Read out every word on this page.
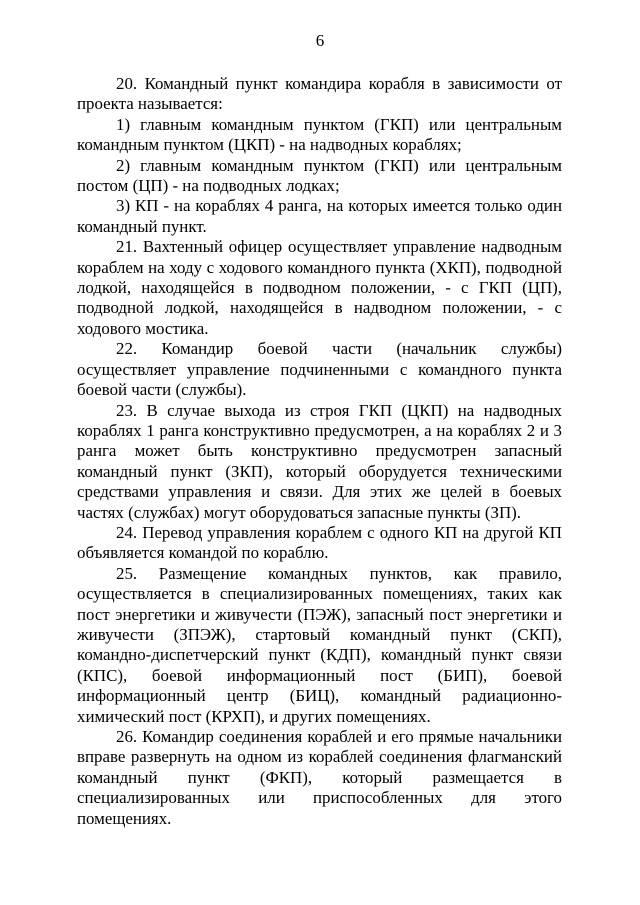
6

20. Командный пункт командира корабля в зависимости от проекта называется:

1) главным командным пунктом (ГКП) или центральным командным пунктом (ЦКП) - на надводных кораблях;

2) главным командным пунктом (ГКП) или центральным постом (ЦП) - на подводных лодках;

3) КП - на кораблях 4 ранга, на которых имеется только один командный пункт.

21. Вахтенный офицер осуществляет управление надводным кораблем на ходу с ходового командного пункта (ХКП), подводной лодкой, находящейся в подводном положении, - с ГКП (ЦП), подводной лодкой, находящейся в надводном положении, - с ходового мостика.

22. Командир боевой части (начальник службы) осуществляет управление подчиненными с командного пункта боевой части (службы).

23. В случае выхода из строя ГКП (ЦКП) на надводных кораблях 1 ранга конструктивно предусмотрен, а на кораблях 2 и 3 ранга может быть конструктивно предусмотрен запасный командный пункт (ЗКП), который оборудуется техническими средствами управления и связи. Для этих же целей в боевых частях (службах) могут оборудоваться запасные пункты (ЗП).

24. Перевод управления кораблем с одного КП на другой КП объявляется командой по кораблю.

25. Размещение командных пунктов, как правило, осуществляется в специализированных помещениях, таких как пост энергетики и живучести (ПЭЖ), запасный пост энергетики и живучести (ЗПЭЖ), стартовый командный пункт (СКП), командно-диспетчерский пункт (КДП), командный пункт связи (КПС), боевой информационный пост (БИП), боевой информационный центр (БИЦ), командный радиационно-химический пост (КРХП), и других помещениях.

26. Командир соединения кораблей и его прямые начальники вправе развернуть на одном из кораблей соединения флагманский командный пункт (ФКП), который размещается в специализированных или приспособленных для этого помещениях.
